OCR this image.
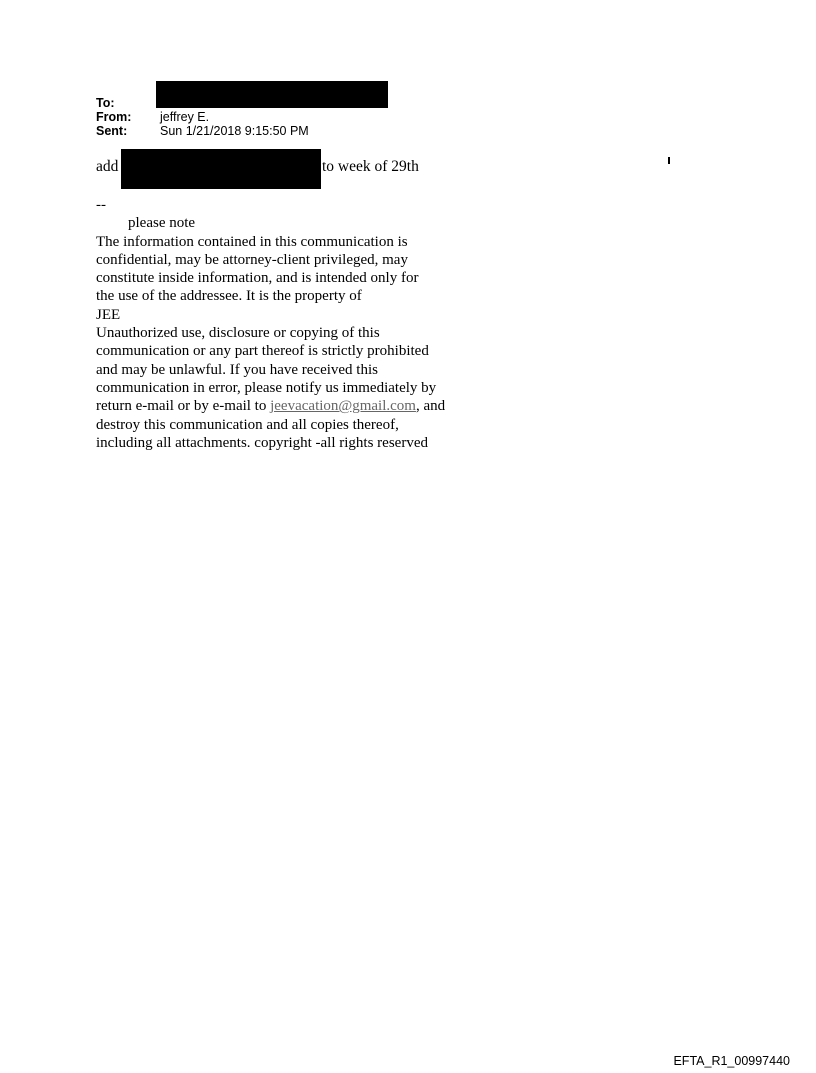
To:
From:	jeffrey E.
Sent:	Sun 1/21/2018 9:15:50 PM
add	to week of 29th
--
please note
The information contained in this communication is
confidential, may be attorney-client privileged, may
constitute inside information, and is intended only for
the use of the addressee. It is the property of
JEE
Unauthorized use, disclosure or copying of this
communication or any part thereof is strictly prohibited
and may be unlawful. If you have received this
communication in error, please notify us immediately by
return e-mail or by e-mail to jeevacation@gmail.com, and
destroy this communication and all copies thereof,
including all attachments. copyright -all rights reserved
EFTA_R1_00997440
